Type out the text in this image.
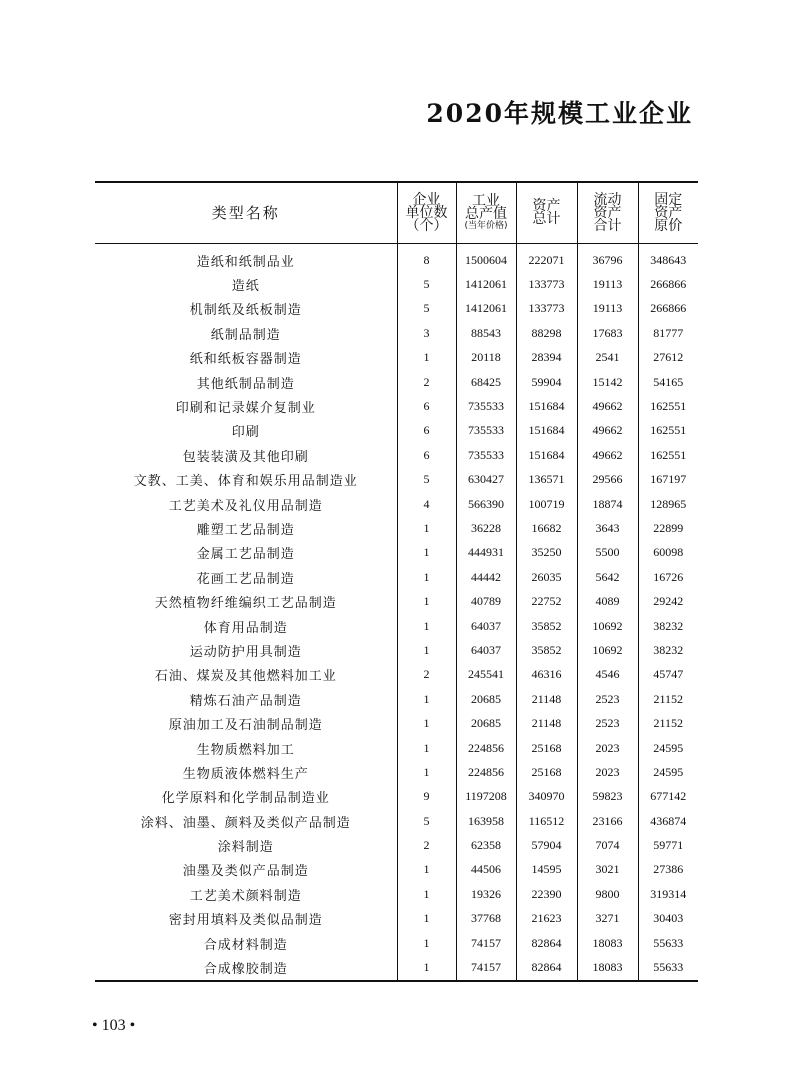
2020年规模工业企业
类型名称	企业
单位数
（个）	工业
总产值
(当年价格)	资产
总计	流动
资产
合计	固定
资产
原价

造纸和纸制品业	8	1500604	222071	36796	348643
造纸	5	1412061	133773	19113	266866
机制纸及纸板制造	5	1412061	133773	19113	266866
纸制品制造	3	88543	88298	17683	81777
纸和纸板容器制造	1	20118	28394	2541	27612
其他纸制品制造	2	68425	59904	15142	54165
印刷和记录媒介复制业	6	735533	151684	49662	162551
印刷	6	735533	151684	49662	162551
包装装潢及其他印刷	6	735533	151684	49662	162551
文教、工美、体育和娱乐用品制造业	5	630427	136571	29566	167197
工艺美术及礼仪用品制造	4	566390	100719	18874	128965
雕塑工艺品制造	1	36228	16682	3643	22899
金属工艺品制造	1	444931	35250	5500	60098
花画工艺品制造	1	44442	26035	5642	16726
天然植物纤维编织工艺品制造	1	40789	22752	4089	29242
体育用品制造	1	64037	35852	10692	38232
运动防护用具制造	1	64037	35852	10692	38232
石油、煤炭及其他燃料加工业	2	245541	46316	4546	45747
精炼石油产品制造	1	20685	21148	2523	21152
原油加工及石油制品制造	1	20685	21148	2523	21152
生物质燃料加工	1	224856	25168	2023	24595
生物质液体燃料生产	1	224856	25168	2023	24595
化学原料和化学制品制造业	9	1197208	340970	59823	677142
涂料、油墨、颜料及类似产品制造	5	163958	116512	23166	436874
涂料制造	2	62358	57904	7074	59771
油墨及类似产品制造	1	44506	14595	3021	27386
工艺美术颜料制造	1	19326	22390	9800	319314
密封用填料及类似品制造	1	37768	21623	3271	30403
合成材料制造	1	74157	82864	18083	55633
合成橡胶制造	1	74157	82864	18083	55633
• 103 •
